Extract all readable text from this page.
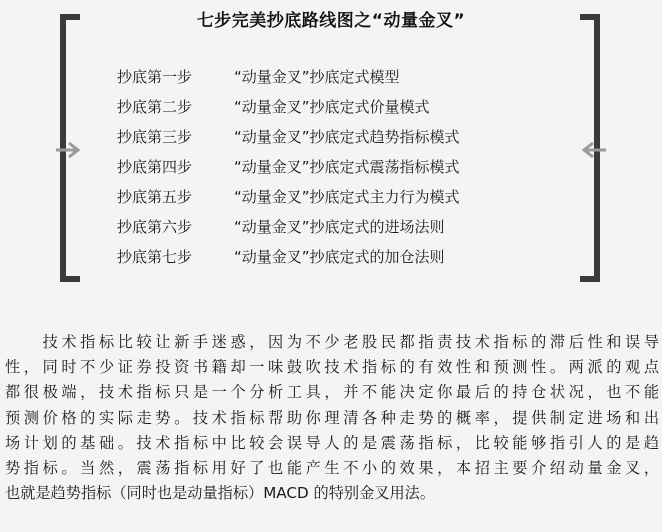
七步完美抄底路线图之“动量金叉”
抄底第一步	“动量金叉”抄底定式模型
抄底第二步	“动量金叉”抄底定式价量模式
抄底第三步	“动量金叉”抄底定式趋势指标模式
抄底第四步	“动量金叉”抄底定式震荡指标模式
抄底第五步	“动量金叉”抄底定式主力行为模式
抄底第六步	“动量金叉”抄底定式的进场法则
抄底第七步	“动量金叉”抄底定式的加仓法则
　　技术指标比较让新手迷惑，因为不少老股民都指责技术指标的滞后性和误导
性，同时不少证券投资书籍却一味鼓吹技术指标的有效性和预测性。两派的观点
都很极端，技术指标只是一个分析工具，并不能决定你最后的持仓状况，也不能
预测价格的实际走势。技术指标帮助你理清各种走势的概率，提供制定进场和出
场计划的基础。技术指标中比较会误导人的是震荡指标，比较能够指引人的是趋
势指标。当然，震荡指标用好了也能产生不小的效果，本招主要介绍动量金叉，
也就是趋势指标（同时也是动量指标）MACD 的特别金叉用法。
